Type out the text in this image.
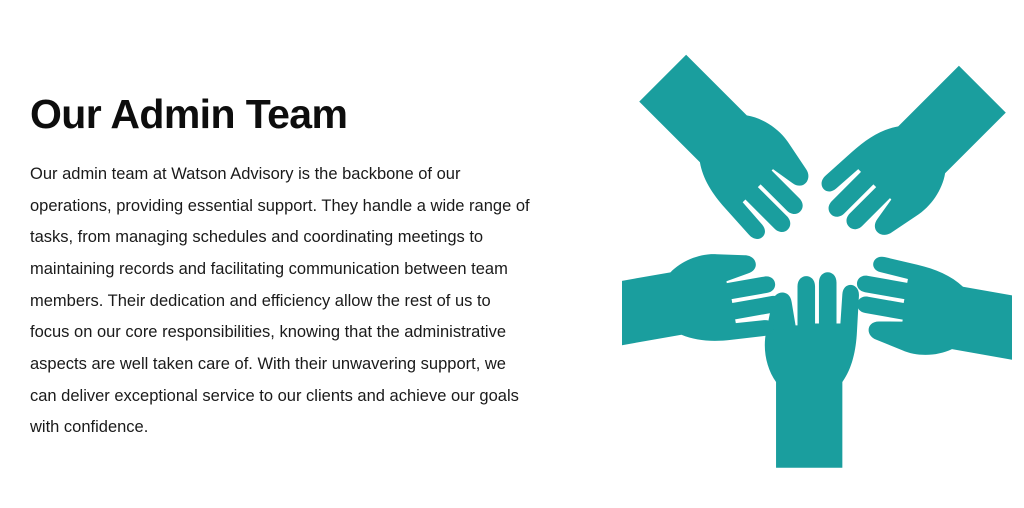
Our Admin Team

Our admin team at Watson Advisory is the backbone of our operations, providing essential support. They handle a wide range of tasks, from managing schedules and coordinating meetings to maintaining records and facilitating communication between team members. Their dedication and efficiency allow the rest of us to focus on our core responsibilities, knowing that the administrative aspects are well taken care of. With their unwavering support, we can deliver exceptional service to our clients and achieve our goals with confidence.
